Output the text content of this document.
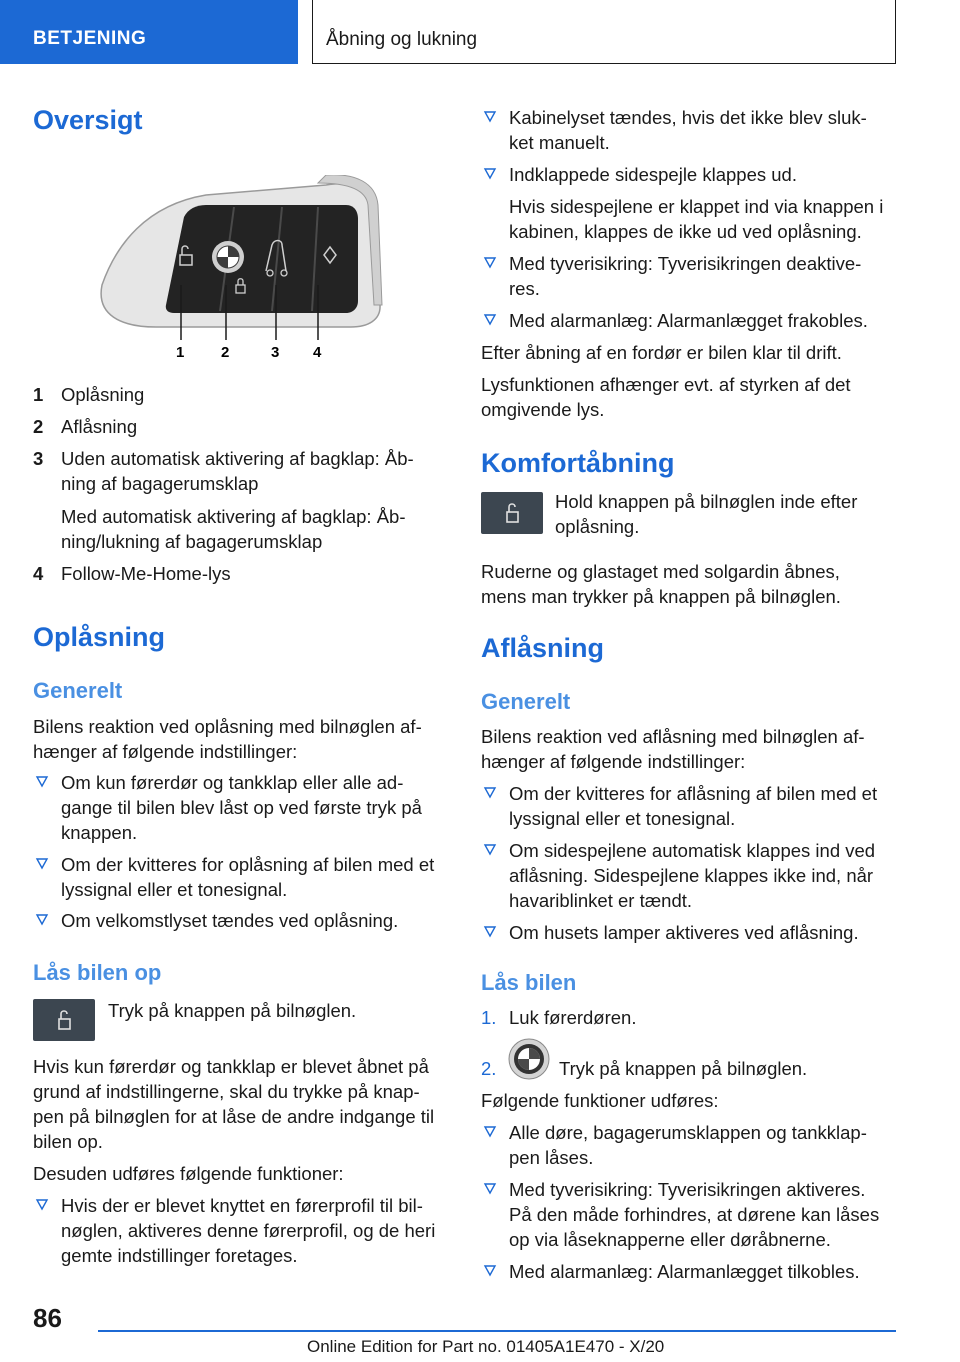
BETJENING	Åbning og lukning
Oversigt
1 2	3 4
1 Oplåsning
2 Aflåsning
3 Uden automatisk aktivering af bagklap: Åb-
ning af bagagerumsklap
Med automatisk aktivering af bagklap: Åb-
ning/lukning af bagagerumsklap
4 Follow-Me-Home-lys
Oplåsning
Generelt
Bilens reaktion ved oplåsning med bilnøglen af-
hænger af følgende indstillinger:
Om kun førerdør og tankklap eller alle ad-
gange til bilen blev låst op ved første tryk på
knappen.
Om der kvitteres for oplåsning af bilen med et
lyssignal eller et tonesignal.
Om velkomstlyset tændes ved oplåsning.
Lås bilen op
Tryk på knappen på bilnøglen.
Hvis kun førerdør og tankklap er blevet åbnet på
grund af indstillingerne, skal du trykke på knap-
pen på bilnøglen for at låse de andre indgange til
bilen op.
Desuden udføres følgende funktioner:
Hvis der er blevet knyttet en førerprofil til bil-
nøglen, aktiveres denne førerprofil, og de heri
gemte indstillinger foretages.
Kabinelyset tændes, hvis det ikke blev sluk-
ket manuelt.
Indklappede sidespejle klappes ud.
Hvis sidespejlene er klappet ind via knappen i
kabinen, klappes de ikke ud ved oplåsning.
Med tyverisikring: Tyverisikringen deaktive-
res.
Med alarmanlæg: Alarmanlægget frakobles.
Efter åbning af en fordør er bilen klar til drift.
Lysfunktionen afhænger evt. af styrken af det
omgivende lys.
Komfortåbning
Hold knappen på bilnøglen inde efter
oplåsning.
Ruderne og glastaget med solgardin åbnes,
mens man trykker på knappen på bilnøglen.
Aflåsning
Generelt
Bilens reaktion ved aflåsning med bilnøglen af-
hænger af følgende indstillinger:
Om der kvitteres for aflåsning af bilen med et
lyssignal eller et tonesignal.
Om sidespejlene automatisk klappes ind ved
aflåsning. Sidespejlene klappes ikke ind, når
havariblinket er tændt.
Om husets lamper aktiveres ved aflåsning.
Lås bilen
1. Luk førerdøren.
2.	Tryk på knappen på bilnøglen.
Følgende funktioner udføres:
Alle døre, bagagerumsklappen og tankklap-
pen låses.
Med tyverisikring: Tyverisikringen aktiveres.
På den måde forhindres, at dørene kan låses
op via låseknapperne eller døråbnerne.
Med alarmanlæg: Alarmanlægget tilkobles.
86
Online Edition for Part no. 01405A1E470 - X/20
